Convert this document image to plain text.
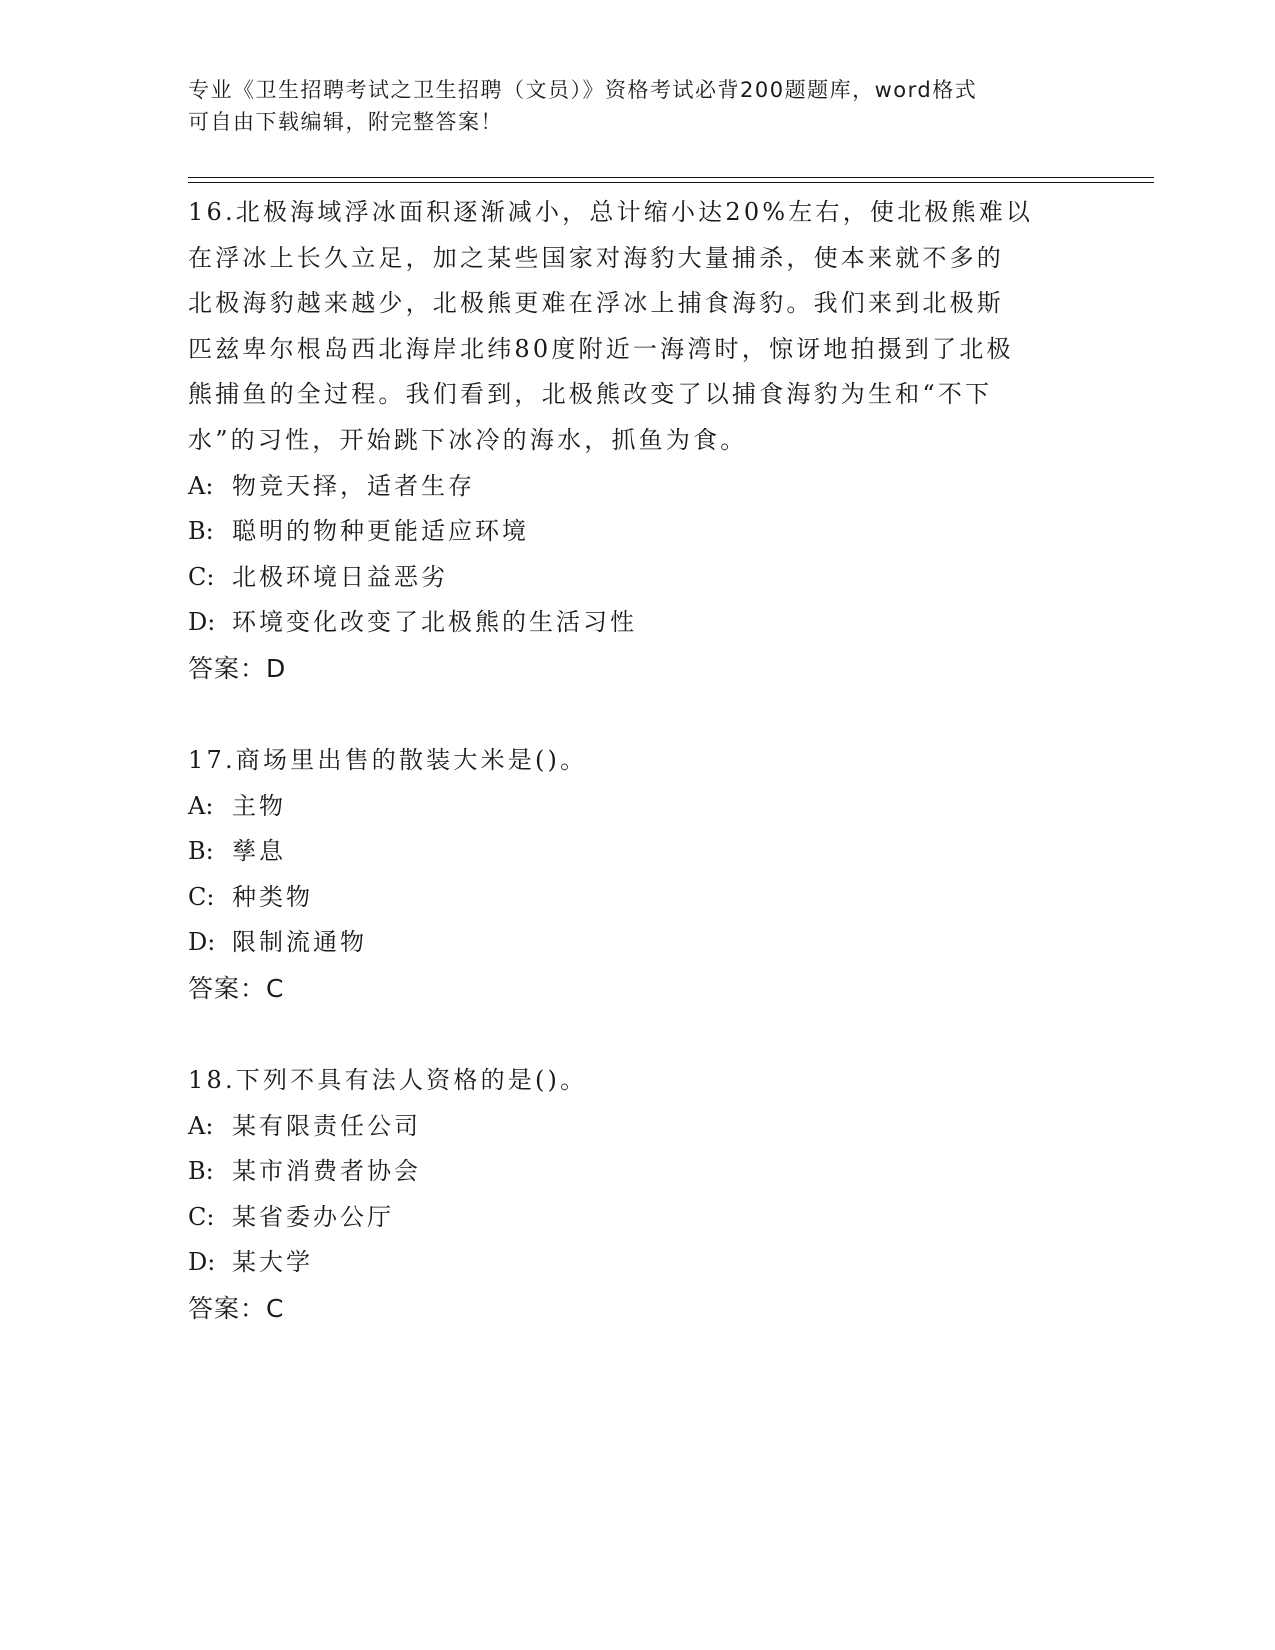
专业《卫生招聘考试之卫生招聘（文员）》资格考试必背200题题库，word格式
可自由下载编辑，附完整答案！
16.北极海域浮冰面积逐渐减小，总计缩小达20%左右，使北极熊难以
在浮冰上长久立足，加之某些国家对海豹大量捕杀，使本来就不多的
北极海豹越来越少，北极熊更难在浮冰上捕食海豹。我们来到北极斯
匹兹卑尔根岛西北海岸北纬80度附近一海湾时，惊讶地拍摄到了北极
熊捕鱼的全过程。我们看到，北极熊改变了以捕食海豹为生和“不下
水”的习性，开始跳下冰冷的海水，抓鱼为食。
A: 物竞天择，适者生存
B: 聪明的物种更能适应环境
C: 北极环境日益恶劣
D: 环境变化改变了北极熊的生活习性
答案：D
17.商场里出售的散装大米是()。
A: 主物
B: 孳息
C: 种类物
D: 限制流通物
答案：C
18.下列不具有法人资格的是()。
A: 某有限责任公司
B: 某市消费者协会
C: 某省委办公厅
D: 某大学
答案：C
